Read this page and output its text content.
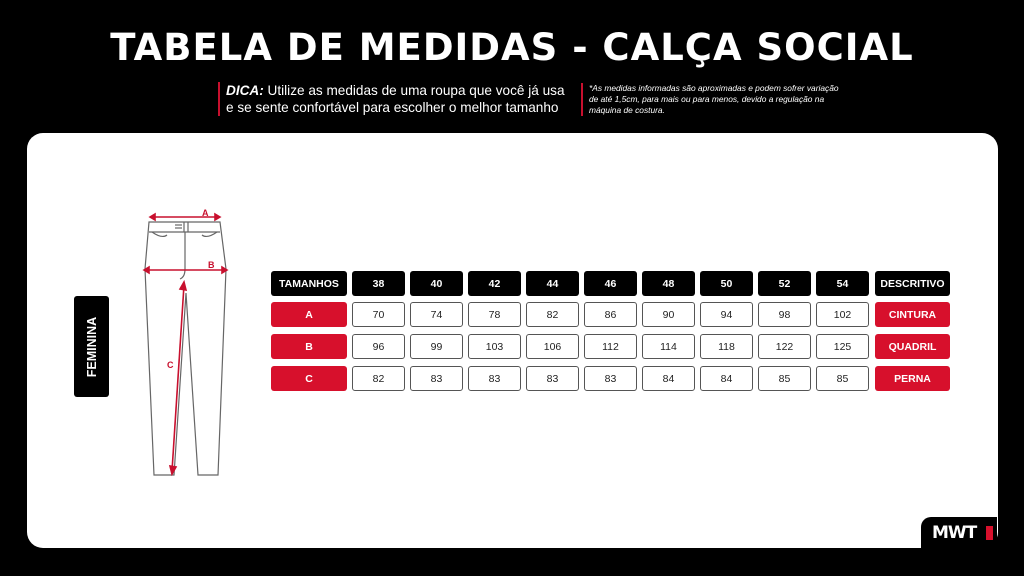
TABELA DE MEDIDAS - CALÇA SOCIAL
DICA: Utilize as medidas de uma roupa que você já usa e se sente confortável para escolher o melhor tamanho
*As medidas informadas são aproximadas e podem sofrer variação de até 1,5cm, para mais ou para menos, devido a regulação na máquina de costura.
FEMININA
A
B
C
TAMANHOS	38	40	42	44	46	48	50	52	54	DESCRITIVO
A	70	74	78	82	86	90	94	98	102	CINTURA
B	96	99	103	106	112	114	118	122	125	QUADRIL
C	82	83	83	83	83	84	84	85	85	PERNA
MWT
